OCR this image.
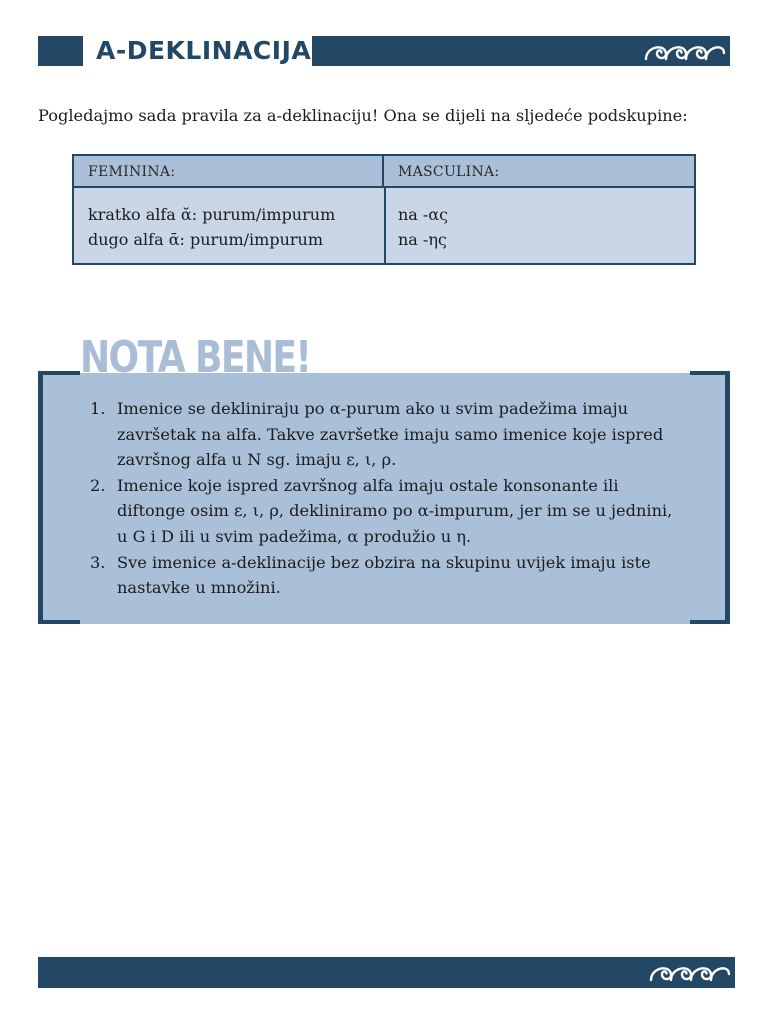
A-DEKLINACIJA
Pogledajmo sada pravila za a-deklinaciju! Ona se dijeli na sljedeće podskupine:
FEMININA:	MASCULINA:
kratko alfa ᾰ: purum/impurum
dugo alfa ᾱ: purum/impurum
na -ας
na -ης
NOTA BENE!
1. Imenice se dekliniraju po α-purum ako u svim padežima imaju
završetak na alfa. Takve završetke imaju samo imenice koje ispred
završnog alfa u N sg. imaju ε, ι, ρ.
2. Imenice koje ispred završnog alfa imaju ostale konsonante ili
diftonge osim ε, ι, ρ, dekliniramo po α-impurum, jer im se u jednini,
u G i D ili u svim padežima, α produžio u η.
3. Sve imenice a-deklinacije bez obzira na skupinu uvijek imaju iste
nastavke u množini.
